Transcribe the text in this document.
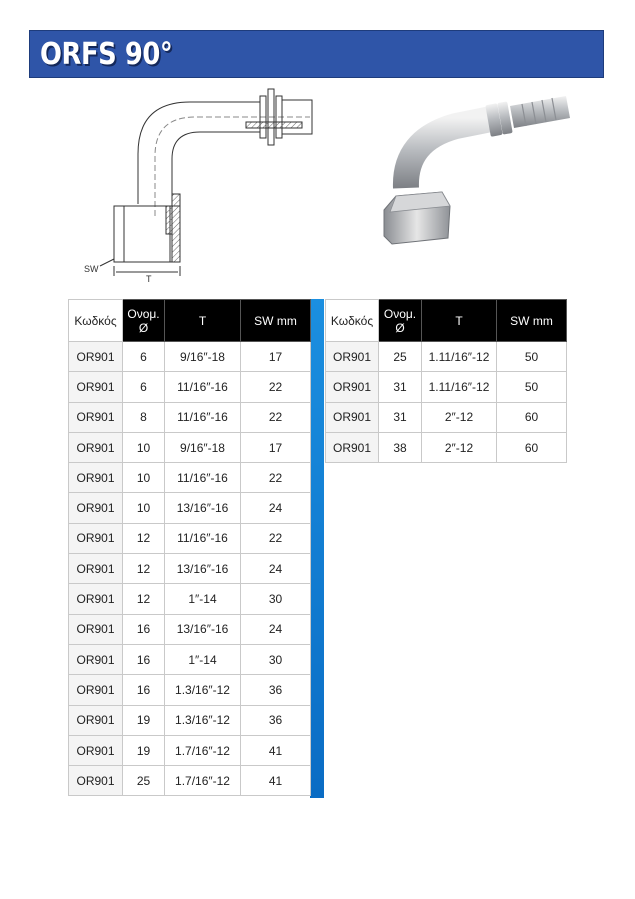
ORFS 90°
SW
T
Κωδκός	Ονομ. Ø	T	SW mm
OR901	6	9/16″-18	17
OR901	6	11/16″-16	22
OR901	8	11/16″-16	22
OR901	10	9/16″-18	17
OR901	10	11/16″-16	22
OR901	10	13/16″-16	24
OR901	12	11/16″-16	22
OR901	12	13/16″-16	24
OR901	12	1″-14	30
OR901	16	13/16″-16	24
OR901	16	1″-14	30
OR901	16	1.3/16″-12	36
OR901	19	1.3/16″-12	36
OR901	19	1.7/16″-12	41
OR901	25	1.7/16″-12	41
Κωδκός	Ονομ. Ø	T	SW mm
OR901	25	1.11/16″-12	50
OR901	31	1.11/16″-12	50
OR901	31	2″-12	60
OR901	38	2″-12	60
